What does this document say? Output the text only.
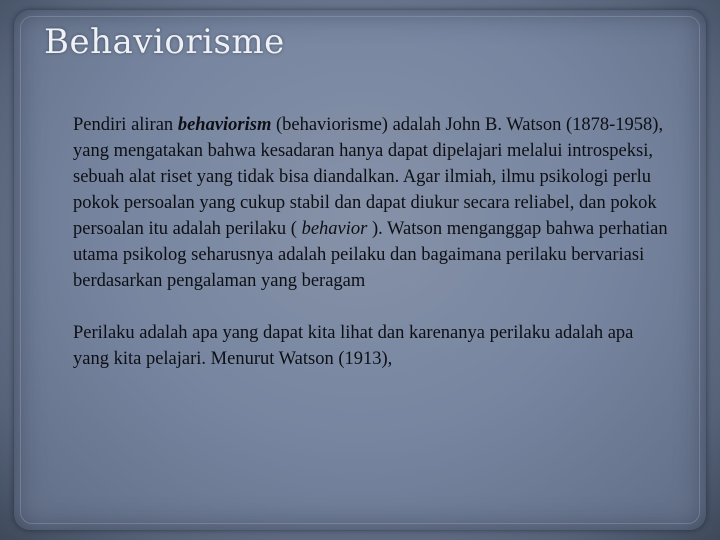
Behaviorisme

Pendiri aliran behaviorism (behaviorisme) adalah John B. Watson (1878-1958), yang mengatakan bahwa kesadaran hanya dapat dipelajari melalui introspeksi, sebuah alat riset yang tidak bisa diandalkan. Agar ilmiah, ilmu psikologi perlu pokok persoalan yang cukup stabil dan dapat diukur secara reliabel, dan pokok persoalan itu adalah perilaku ( behavior ). Watson menganggap bahwa perhatian utama psikolog seharusnya adalah peilaku dan bagaimana perilaku bervariasi berdasarkan pengalaman yang beragam

Perilaku adalah apa yang dapat kita lihat dan karenanya perilaku adalah apa yang kita pelajari. Menurut Watson (1913),
